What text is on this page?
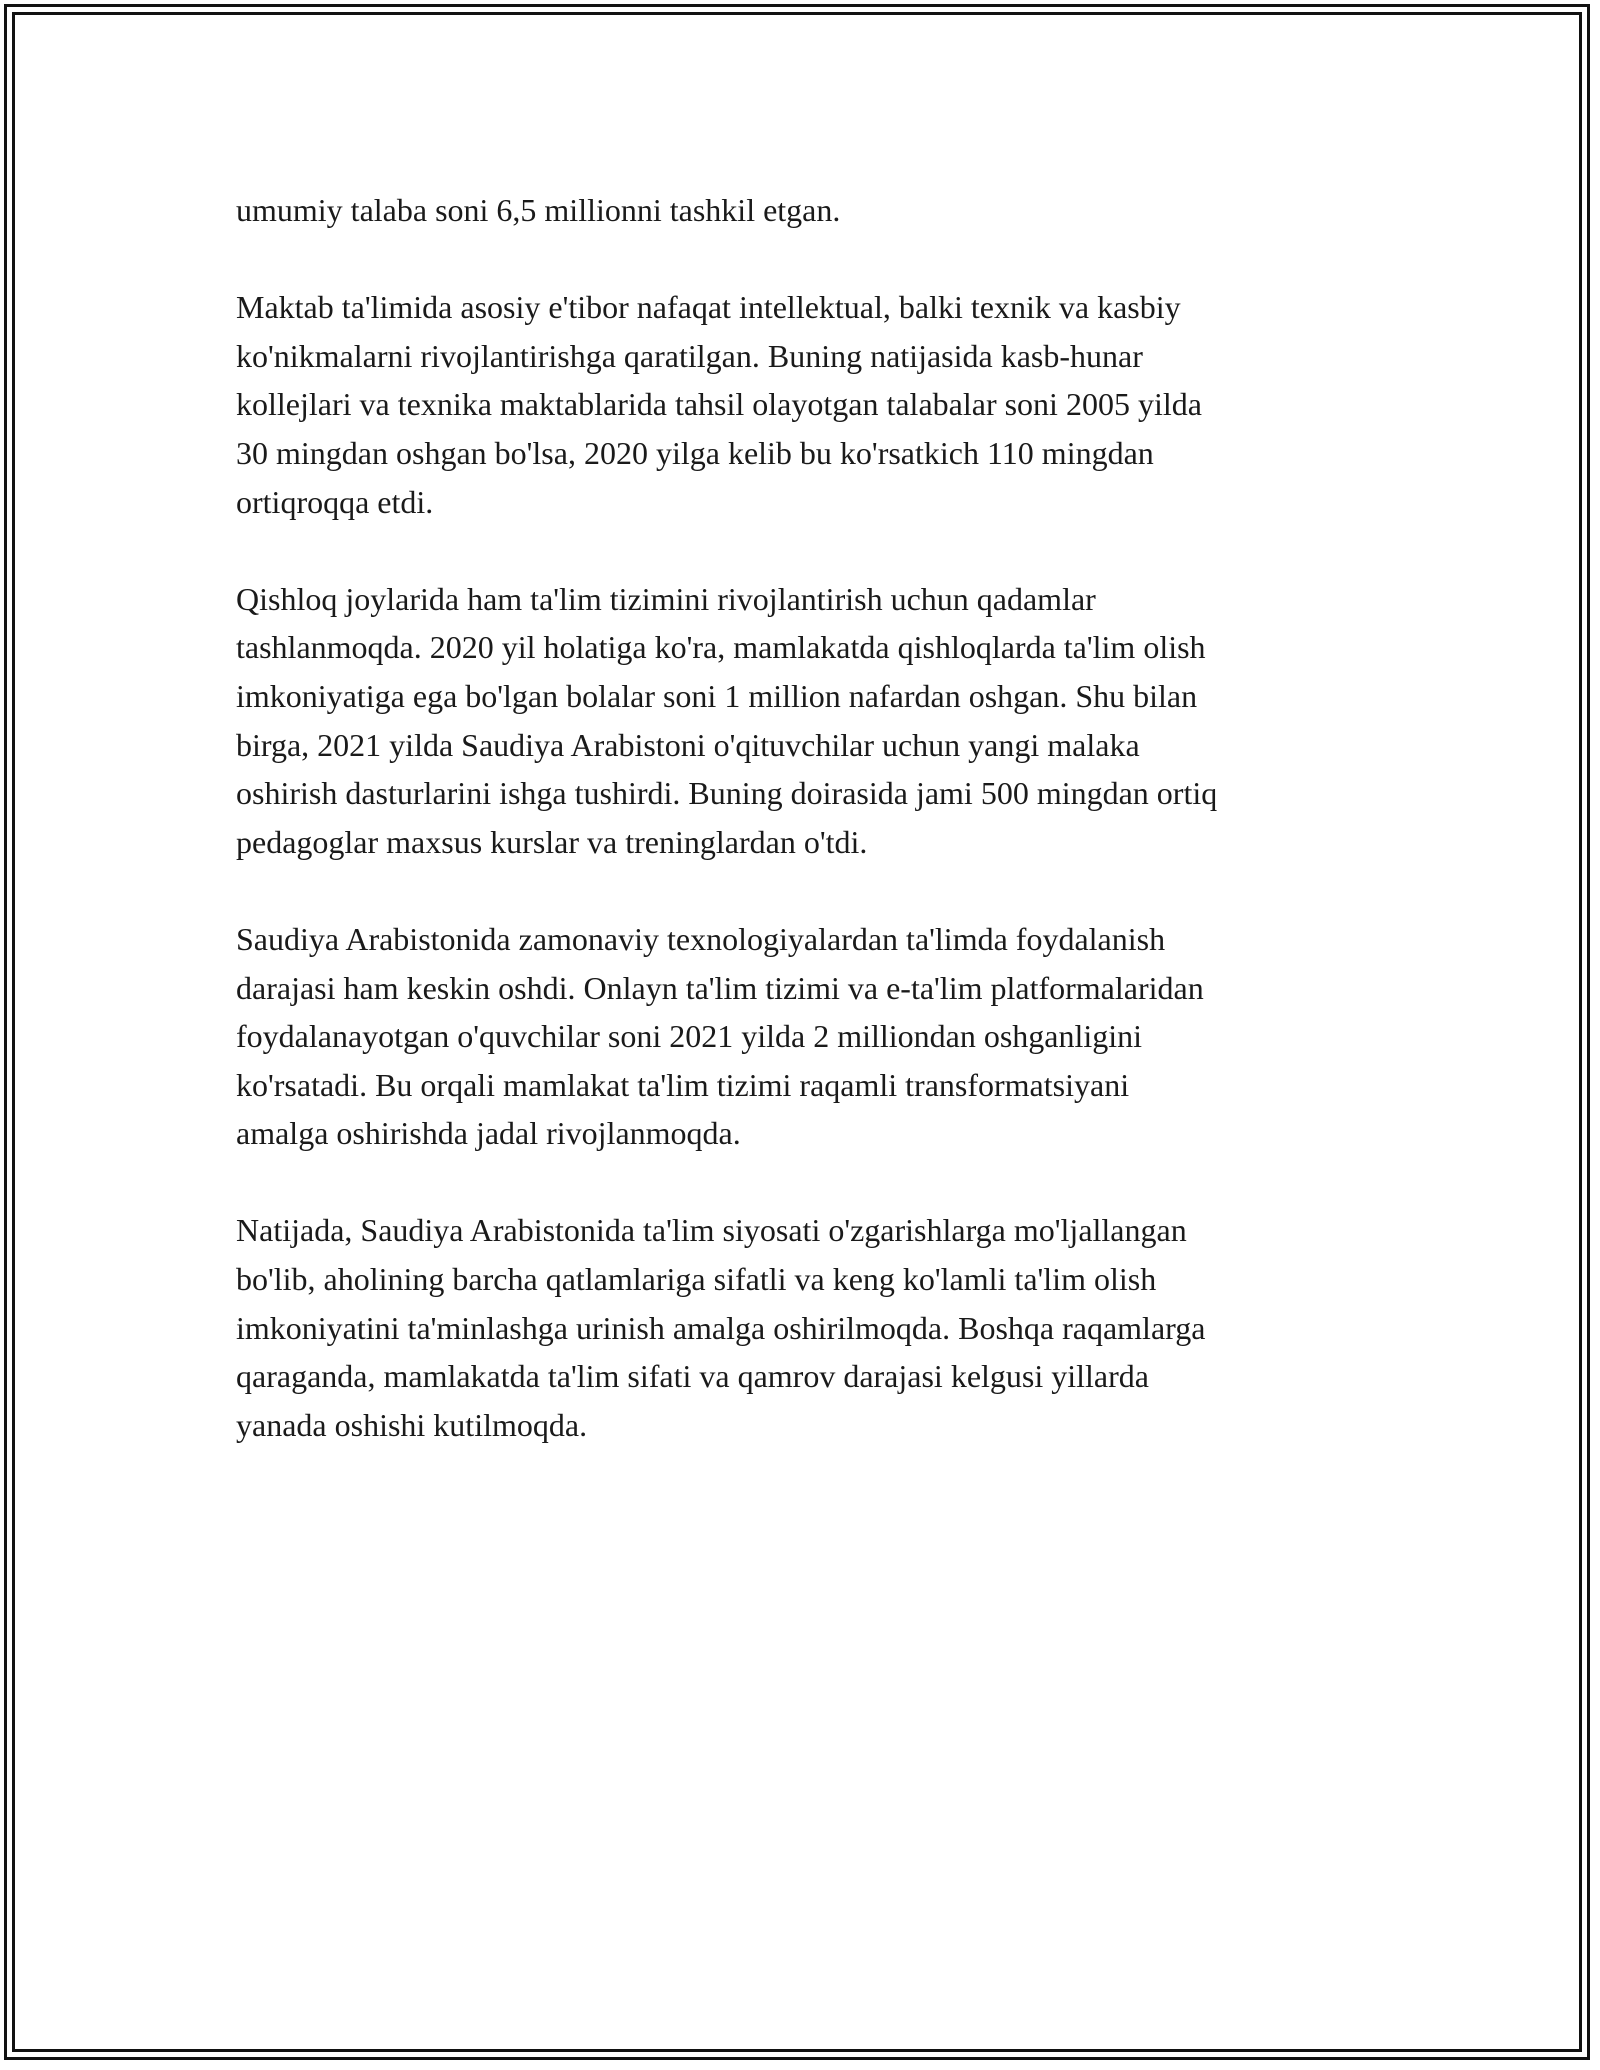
umumiy talaba soni 6,5 millionni tashkil etgan.

Maktab ta'limida asosiy e'tibor nafaqat intellektual, balki texnik va kasbiy
ko'nikmalarni rivojlantirishga qaratilgan. Buning natijasida kasb-hunar
kollejlari va texnika maktablarida tahsil olayotgan talabalar soni 2005 yilda
30 mingdan oshgan bo'lsa, 2020 yilga kelib bu ko'rsatkich 110 mingdan
ortiqroqqa etdi.

Qishloq joylarida ham ta'lim tizimini rivojlantirish uchun qadamlar
tashlanmoqda. 2020 yil holatiga ko'ra, mamlakatda qishloqlarda ta'lim olish
imkoniyatiga ega bo'lgan bolalar soni 1 million nafardan oshgan. Shu bilan
birga, 2021 yilda Saudiya Arabistoni o'qituvchilar uchun yangi malaka
oshirish dasturlarini ishga tushirdi. Buning doirasida jami 500 mingdan ortiq
pedagoglar maxsus kurslar va treninglardan o'tdi.

Saudiya Arabistonida zamonaviy texnologiyalardan ta'limda foydalanish
darajasi ham keskin oshdi. Onlayn ta'lim tizimi va e-ta'lim platformalaridan
foydalanayotgan o'quvchilar soni 2021 yilda 2 milliondan oshganligini
ko'rsatadi. Bu orqali mamlakat ta'lim tizimi raqamli transformatsiyani
amalga oshirishda jadal rivojlanmoqda.

Natijada, Saudiya Arabistonida ta'lim siyosati o'zgarishlarga mo'ljallangan
bo'lib, aholining barcha qatlamlariga sifatli va keng ko'lamli ta'lim olish
imkoniyatini ta'minlashga urinish amalga oshirilmoqda. Boshqa raqamlarga
qaraganda, mamlakatda ta'lim sifati va qamrov darajasi kelgusi yillarda
yanada oshishi kutilmoqda.
